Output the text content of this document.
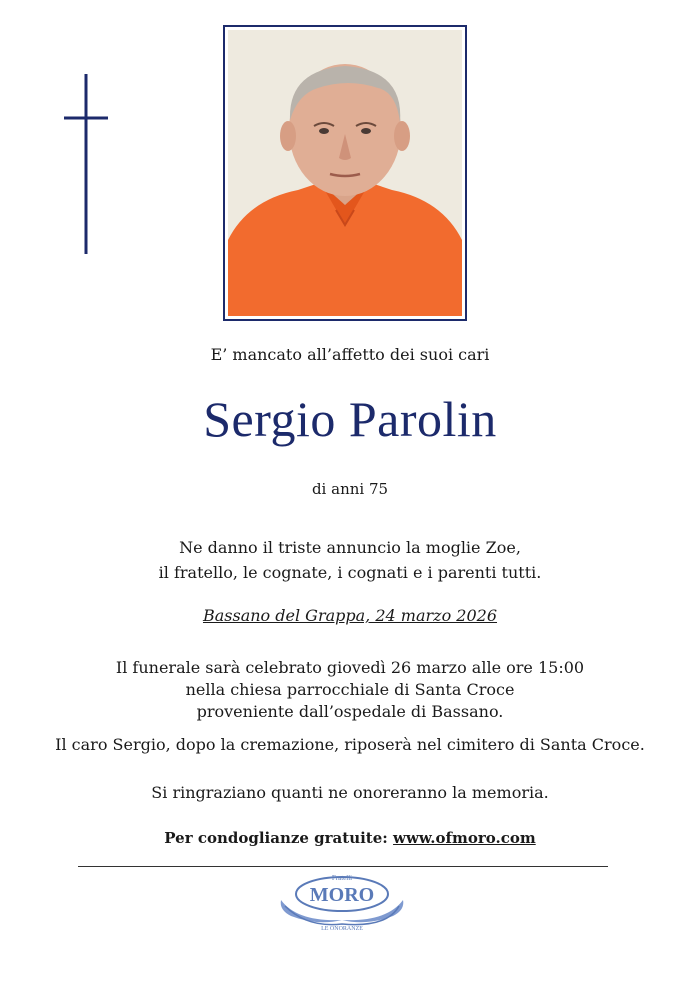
E’ mancato all’affetto dei suoi cari
Sergio Parolin
di anni 75
Ne danno il triste annuncio la moglie Zoe,
il fratello, le cognate, i cognati e i parenti tutti.
Bassano del Grappa, 24 marzo 2026
Il funerale sarà celebrato giovedì 26 marzo alle ore 15:00
nella chiesa parrocchiale di Santa Croce
proveniente dall’ospedale di Bassano.
Il caro Sergio, dopo la cremazione, riposerà nel cimitero di Santa Croce.
Si ringraziano quanti ne onoreranno la memoria.
Per condoglianze gratuite: www.ofmoro.com
Fratelli
MORO
LE ONORANZE
